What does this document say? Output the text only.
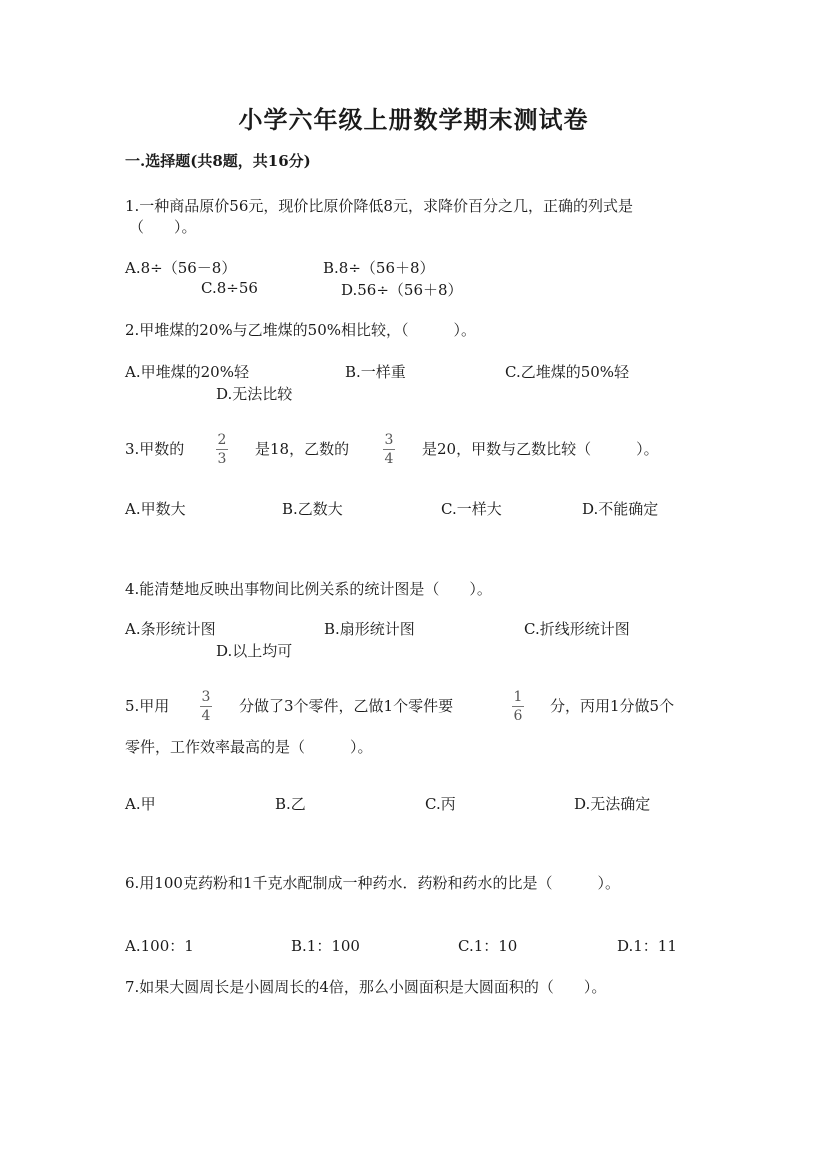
小学六年级上册数学期末测试卷
一.选择题(共8题，共16分)
1.一种商品原价56元，现价比原价降低8元，求降价百分之几，正确的列式是
（　　）。
A.8÷（56－8）	B.8÷（56＋8）
C.8÷56	D.56÷（56＋8）
2.甲堆煤的20%与乙堆煤的50%相比较，（　　　）。
A.甲堆煤的20%轻	B.一样重	C.乙堆煤的50%轻
D.无法比较
3.甲数的 2
3
是18，乙数的	3
4
是20，甲数与乙数比较（　　　）。
A.甲数大	B.乙数大	C.一样大	D.不能确定
4.能清楚地反映出事物间比例关系的统计图是（　　）。
A.条形统计图	B.扇形统计图	C.折线形统计图
D.以上均可
5.甲用 3
4
分做了3个零件，乙做1个零件要	1
6
分，丙用1分做5个
零件，工作效率最高的是（　　　）。
A.甲	B.乙	C.丙	D.无法确定
6.用100克药粉和1千克水配制成一种药水．药粉和药水的比是（　　　）。
A.100：1	B.1：100	C.1：10	D.1：11
7.如果大圆周长是小圆周长的4倍，那么小圆面积是大圆面积的（　　）。
